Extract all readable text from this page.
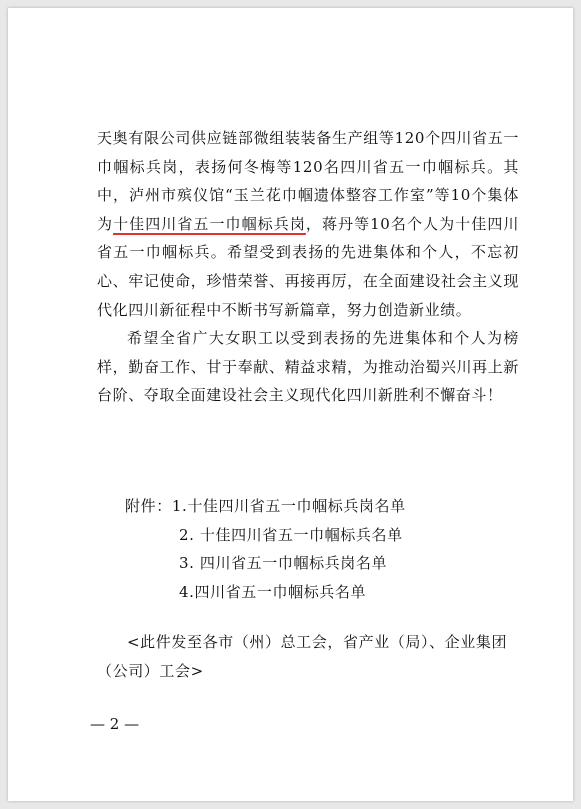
天奥有限公司供应链部微组装装备生产组等120个四川省五一巾帼标兵岗，表扬何冬梅等120名四川省五一巾帼标兵。其中，泸州市殡仪馆“玉兰花巾帼遗体整容工作室”等10个集体为十佳四川省五一巾帼标兵岗，蒋丹等10名个人为十佳四川省五一巾帼标兵。希望受到表扬的先进集体和个人，不忘初心、牢记使命，珍惜荣誉、再接再厉，在全面建设社会主义现代化四川新征程中不断书写新篇章，努力创造新业绩。

希望全省广大女职工以受到表扬的先进集体和个人为榜样，勤奋工作、甘于奉献、精益求精，为推动治蜀兴川再上新台阶、夺取全面建设社会主义现代化四川新胜利不懈奋斗！

附件：1.十佳四川省五一巾帼标兵岗名单
2. 十佳四川省五一巾帼标兵名单
3. 四川省五一巾帼标兵岗名单
4.四川省五一巾帼标兵名单

<此件发至各市（州）总工会，省产业（局）、企业集团（公司）工会>

— 2 —
